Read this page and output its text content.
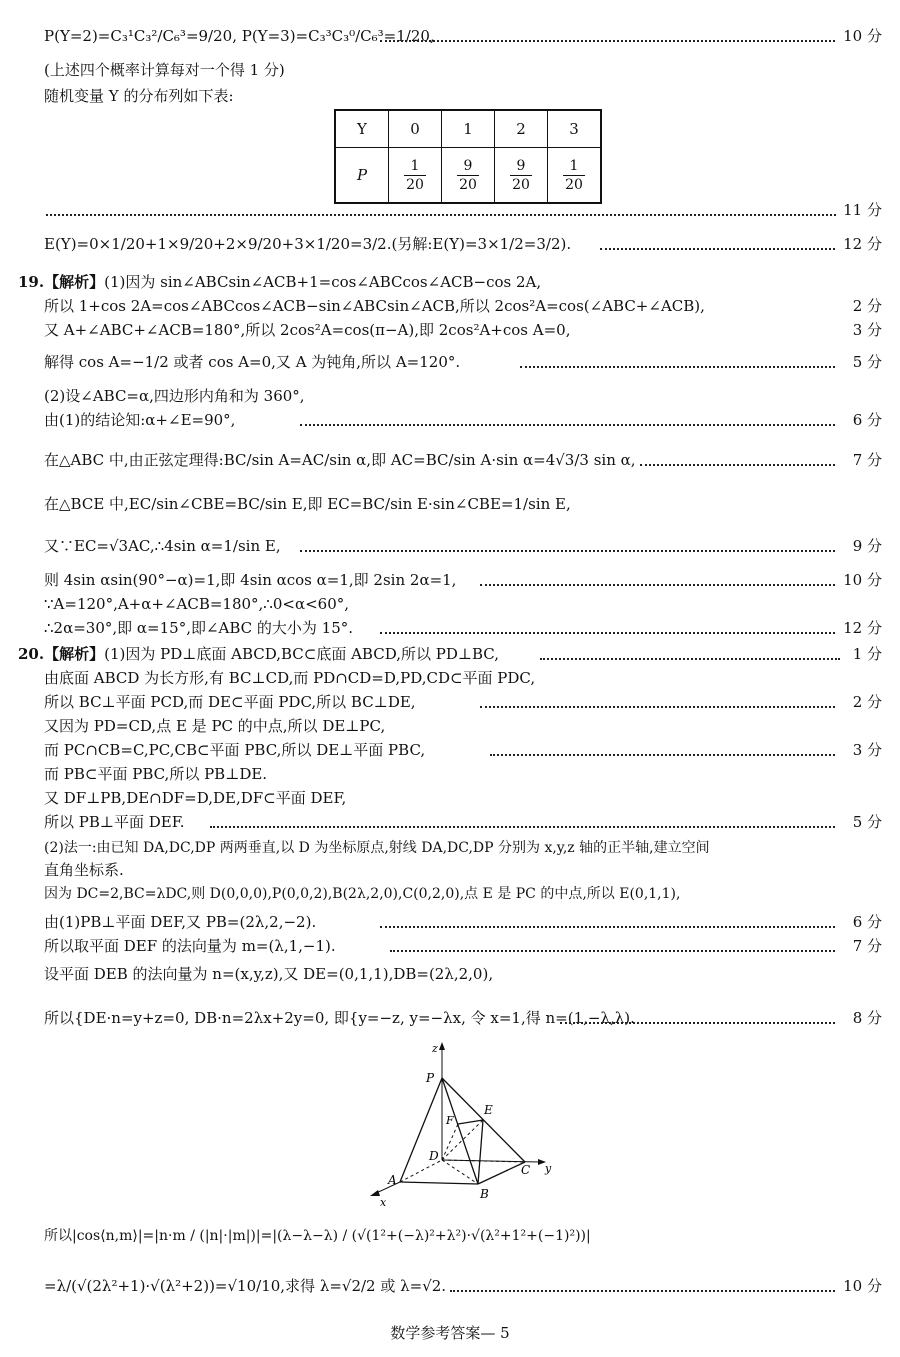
P(Y=2)=C₃¹C₃²/C₆³=9/20, P(Y=3)=C₃³C₃⁰/C₆³=1/20,	10 分
(上述四个概率计算每对一个得 1 分)
随机变量 Y 的分布列如下表:
Y	0	1	2	3
P	$\frac{1}{20}$	$\frac{9}{20}$	$\frac{9}{20}$	$\frac{1}{20}$
11 分
E(Y)=0×1/20+1×9/20+2×9/20+3×1/20=3/2.(另解:E(Y)=3×1/2=3/2).	12 分
19.【解析】(1)因为 sin∠ABCsin∠ACB+1=cos∠ABCcos∠ACB−cos 2A,
所以 1+cos 2A=cos∠ABCcos∠ACB−sin∠ABCsin∠ACB,所以 2cos²A=cos(∠ABC+∠ACB),	2 分
又 A+∠ABC+∠ACB=180°,所以 2cos²A=cos(π−A),即 2cos²A+cos A=0,	3 分
解得 cos A=−1/2 或者 cos A=0,又 A 为钝角,所以 A=120°.	5 分
(2)设∠ABC=α,四边形内角和为 360°,
由(1)的结论知:α+∠E=90°,	6 分
在△ABC 中,由正弦定理得:BC/sin A=AC/sin α,即 AC=BC/sin A·sin α=4√3/3 sin α,	7 分
在△BCE 中,EC/sin∠CBE=BC/sin E,即 EC=BC/sin E·sin∠CBE=1/sin E,
又∵EC=√3AC,∴4sin α=1/sin E,	9 分
则 4sin αsin(90°−α)=1,即 4sin αcos α=1,即 2sin 2α=1,	10 分
∵A=120°,A+α+∠ACB=180°,∴0<α<60°,
∴2α=30°,即 α=15°,即∠ABC 的大小为 15°.	12 分
20.【解析】(1)因为 PD⊥底面 ABCD,BC⊂底面 ABCD,所以 PD⊥BC,	1 分
由底面 ABCD 为长方形,有 BC⊥CD,而 PD∩CD=D,PD,CD⊂平面 PDC,
所以 BC⊥平面 PCD,而 DE⊂平面 PDC,所以 BC⊥DE,	2 分
又因为 PD=CD,点 E 是 PC 的中点,所以 DE⊥PC,
而 PC∩CB=C,PC,CB⊂平面 PBC,所以 DE⊥平面 PBC,	3 分
而 PB⊂平面 PBC,所以 PB⊥DE.
又 DF⊥PB,DE∩DF=D,DE,DF⊂平面 DEF,
所以 PB⊥平面 DEF.	5 分
(2)法一:由已知 DA,DC,DP 两两垂直,以 D 为坐标原点,射线 DA,DC,DP 分别为 x,y,z 轴的正半轴,建立空间
直角坐标系.
因为 DC=2,BC=λDC,则 D(0,0,0),P(0,0,2),B(2λ,2,0),C(0,2,0),点 E 是 PC 的中点,所以 E(0,1,1),
由(1)PB⊥平面 DEF,又 PB=(2λ,2,−2).	6 分
所以取平面 DEF 的法向量为 m=(λ,1,−1).	7 分
设平面 DEB 的法向量为 n=(x,y,z),又 DE=(0,1,1),DB=(2λ,2,0),
所以{DE·n=y+z=0, DB·n=2λx+2y=0, 即{y=−z, y=−λx, 令 x=1,得 n=(1,−λ,λ).	8 分
z
P
F
E
D
C y
A
B
x
所以|cos⟨n,m⟩|=|n·m / (|n|·|m|)|=|(λ−λ−λ) / (√(1²+(−λ)²+λ²)·√(λ²+1²+(−1)²))|
=λ/(√(2λ²+1)·√(λ²+2))=√10/10,求得 λ=√2/2 或 λ=√2.	10 分
数学参考答案— 5
